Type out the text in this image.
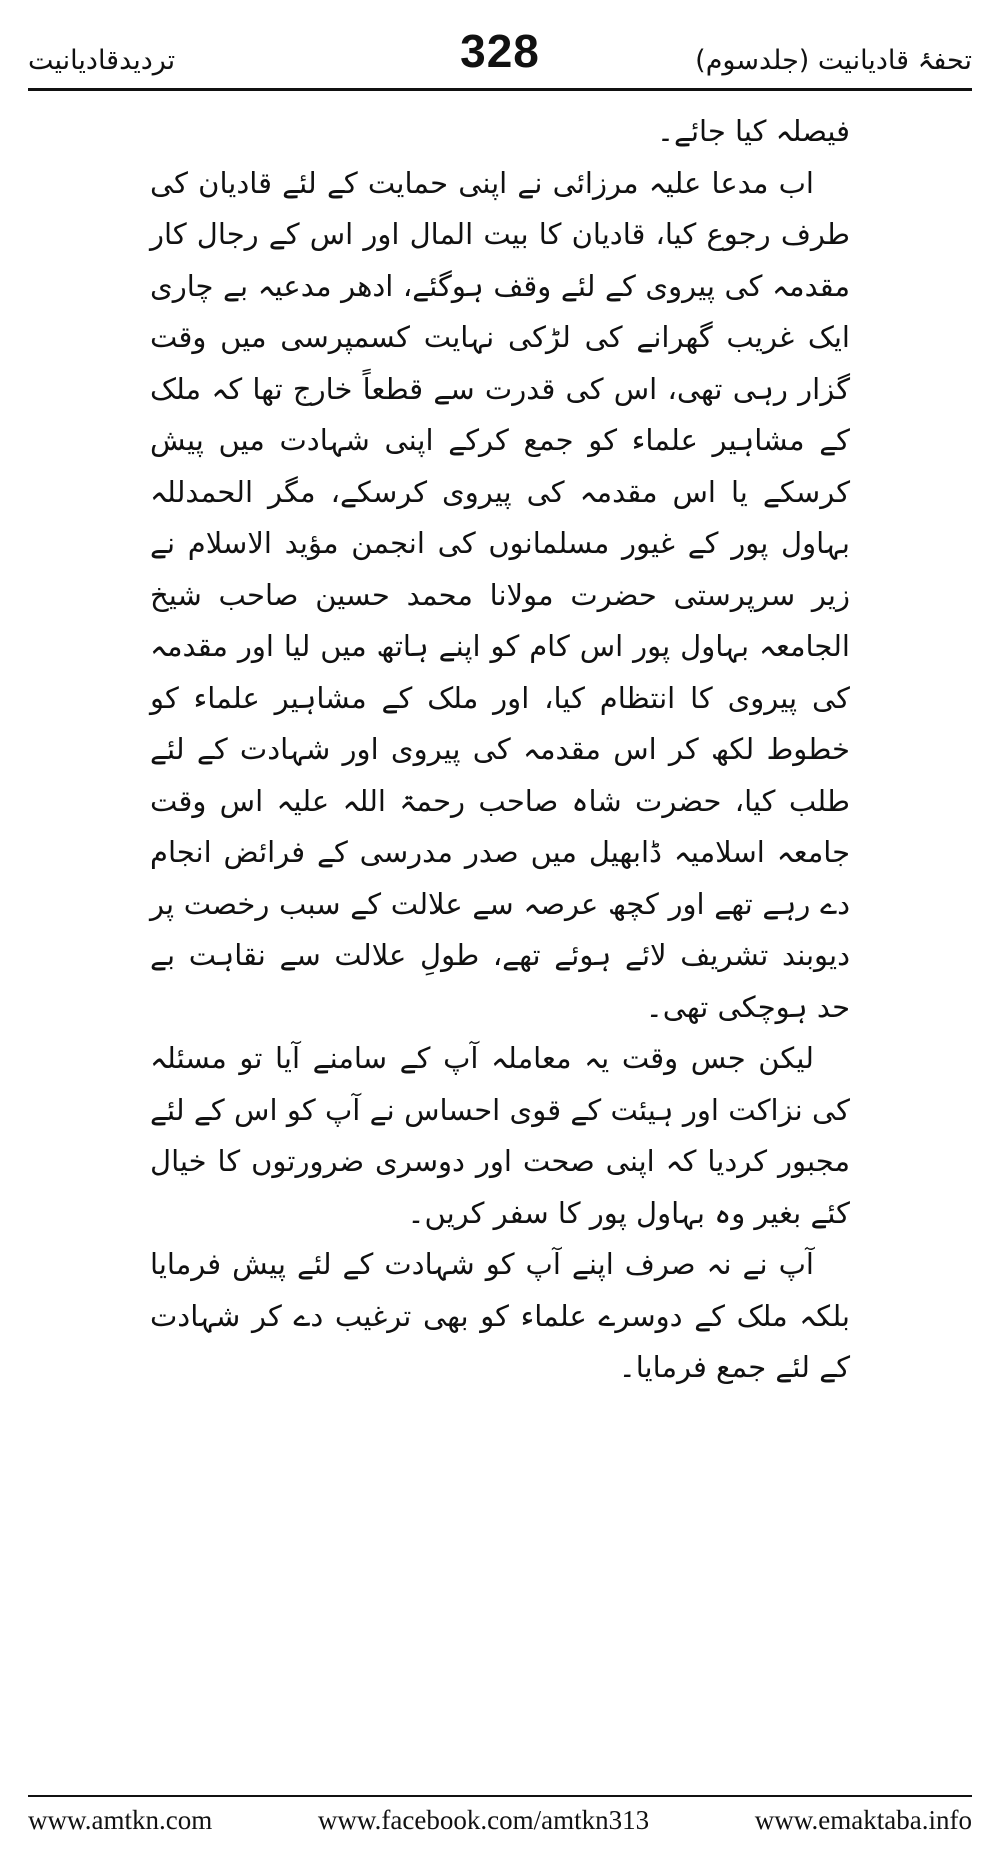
تردیدقادیانیت	328	تحفۂ قادیانیت (جلدسوم)

فیصلہ کیا جائے۔

اب مدعا علیہ مرزائی نے اپنی حمایت کے لئے قادیان کی طرف رجوع کیا، قادیان کا بیت المال اور اس کے رجال کار مقدمہ کی پیروی کے لئے وقف ہوگئے، ادھر مدعیہ بے چاری ایک غریب گھرانے کی لڑکی نہایت کسمپرسی میں وقت گزار رہی تھی، اس کی قدرت سے قطعاً خارج تھا کہ ملک کے مشاہیر علماء کو جمع کرکے اپنی شہادت میں پیش کرسکے یا اس مقدمہ کی پیروی کرسکے، مگر الحمدللہ بہاول پور کے غیور مسلمانوں کی انجمن مؤید الاسلام نے زیر سرپرستی حضرت مولانا محمد حسین صاحب شیخ الجامعہ بہاول پور اس کام کو اپنے ہاتھ میں لیا اور مقدمہ کی پیروی کا انتظام کیا، اور ملک کے مشاہیر علماء کو خطوط لکھ کر اس مقدمہ کی پیروی اور شہادت کے لئے طلب کیا، حضرت شاہ صاحب رحمۃ اللہ علیہ اس وقت جامعہ اسلامیہ ڈابھیل میں صدر مدرسی کے فرائض انجام دے رہے تھے اور کچھ عرصہ سے علالت کے سبب رخصت پر دیوبند تشریف لائے ہوئے تھے، طولِ علالت سے نقاہت بے حد ہوچکی تھی۔

لیکن جس وقت یہ معاملہ آپ کے سامنے آیا تو مسئلہ کی نزاکت اور ہیئت کے قوی احساس نے آپ کو اس کے لئے مجبور کردیا کہ اپنی صحت اور دوسری ضرورتوں کا خیال کئے بغیر وہ بہاول پور کا سفر کریں۔

آپ نے نہ صرف اپنے آپ کو شہادت کے لئے پیش فرمایا بلکہ ملک کے دوسرے علماء کو بھی ترغیب دے کر شہادت کے لئے جمع فرمایا۔

www.amtkn.com	www.facebook.com/amtkn313	www.emaktaba.info
